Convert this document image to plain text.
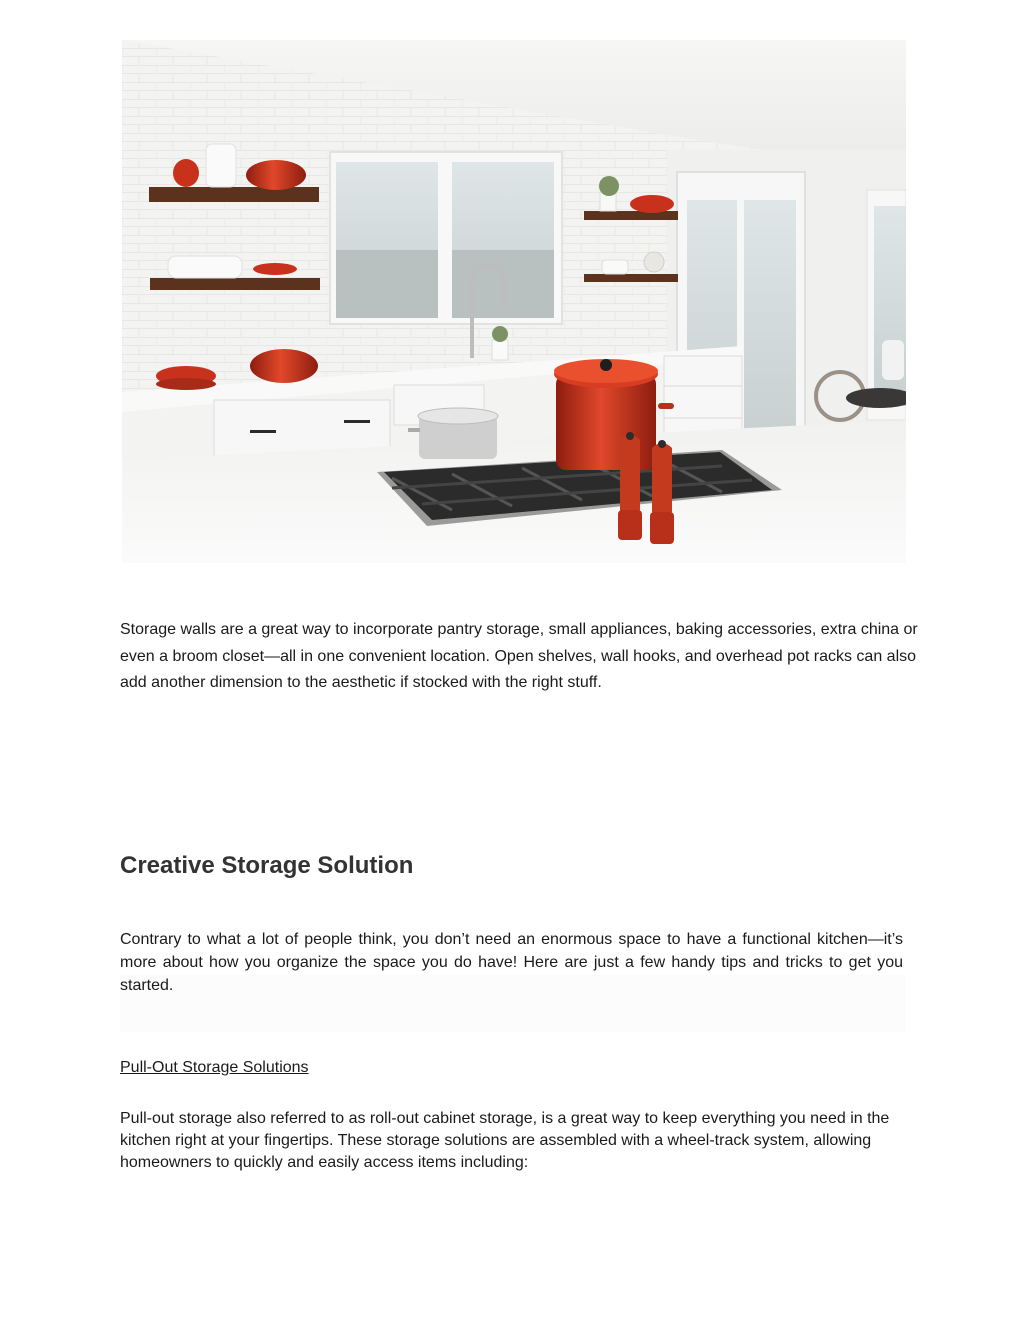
Storage walls are a great way to incorporate pantry storage, small appliances, baking accessories, extra china or even a broom closet—all in one convenient location. Open shelves, wall hooks, and overhead pot racks can also add another dimension to the aesthetic if stocked with the right stuff.

Creative Storage Solution

Contrary to what a lot of people think, you don’t need an enormous space to have a functional kitchen—it’s more about how you organize the space you do have! Here are just a few handy tips and tricks to get you started.

Pull-Out Storage Solutions

Pull-out storage also referred to as roll-out cabinet storage, is a great way to keep everything you need in the kitchen right at your fingertips. These storage solutions are assembled with a wheel-track system, allowing homeowners to quickly and easily access items including:
